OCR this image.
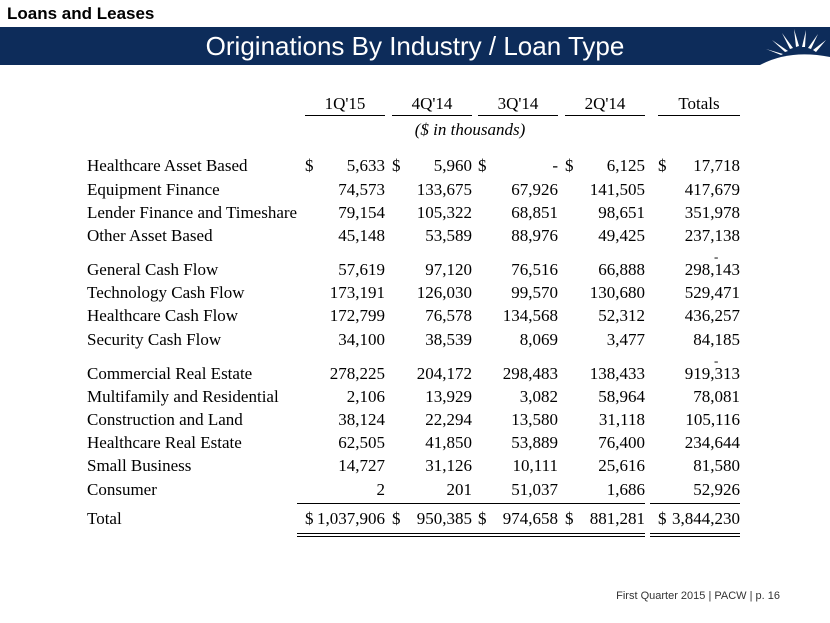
Loans and Leases
Originations By Industry / Loan Type
1Q'15	4Q'14	3Q'14	2Q'14	Totals
($ in thousands)
Healthcare Asset Based	$ 5,633 $ 5,960 $	- $ 6,125 $ 17,718
Equipment Finance	74,573 133,675 67,926 141,505 417,679
Lender Finance and Timeshare 79,154 105,322 68,851 98,651 351,978
Other Asset Based	45,148 53,589 88,976 49,425 237,138
General Cash Flow	57,619 97,120 76,516 66,888 298,143
Technology Cash Flow	173,191 126,030 99,570 130,680 529,471
Healthcare Cash Flow	172,799 76,578 134,568 52,312 436,257
Security Cash Flow	34,100 38,539	8,069	3,477	84,185
Commercial Real Estate	278,225 204,172 298,483 138,433 919,313
Multifamily and Residential	2,106 13,929	3,082 58,964	78,081
Construction and Land	38,124 22,294 13,580 31,118 105,116
Healthcare Real Estate	62,505 41,850 53,889 76,400 234,644
Small Business	14,727 31,126 10,111 25,616	81,580
Consumer	2	201 51,037	1,686	52,926
Total	$ 1,037,906 $ 950,385 $ 974,658 $ 881,281 $ 3,844,230
-
-
First Quarter 2015 | PACW | p. 16
